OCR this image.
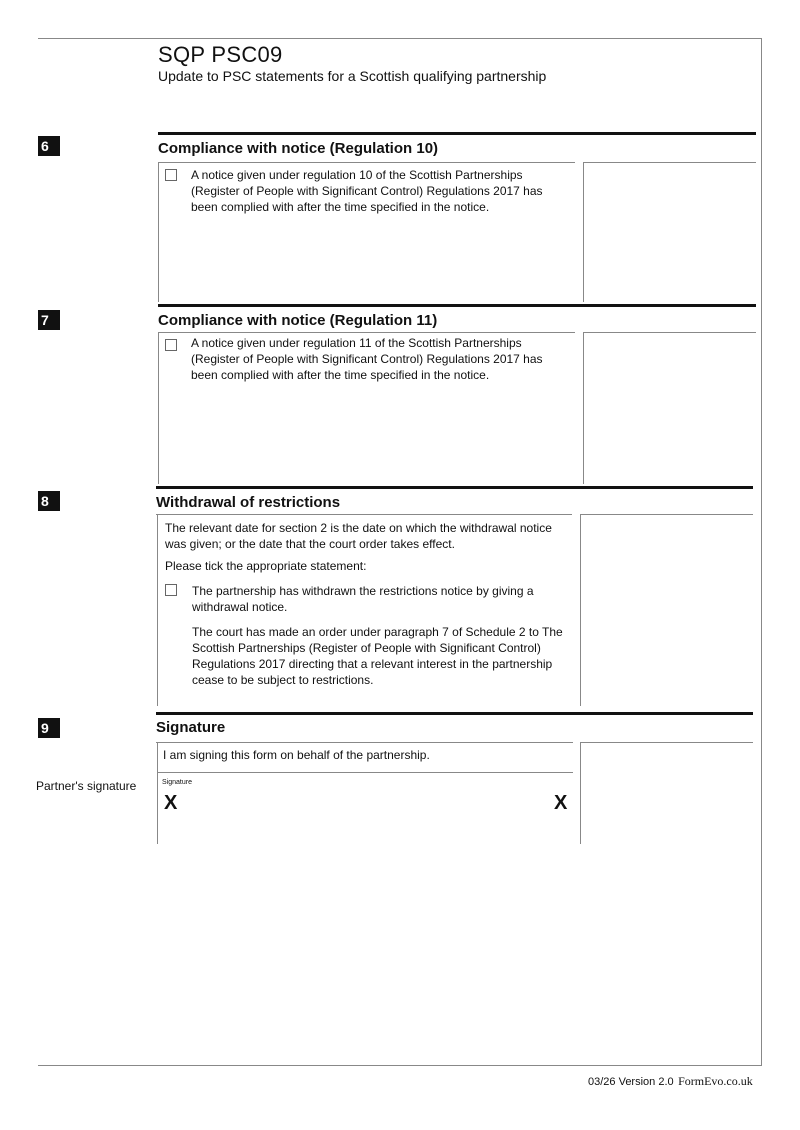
SQP PSC09
Update to PSC statements for a Scottish qualifying partnership
6	Compliance with notice (Regulation 10)
A notice given under regulation 10 of the Scottish Partnerships (Register of People with Significant Control) Regulations 2017 has been complied with after the time specified in the notice.
7	Compliance with notice (Regulation 11)
A notice given under regulation 11 of the Scottish Partnerships (Register of People with Significant Control) Regulations 2017 has been complied with after the time specified in the notice.
8	Withdrawal of restrictions
The relevant date for section 2 is the date on which the withdrawal notice was given; or the date that the court order takes effect.
Please tick the appropriate statement:
The partnership has withdrawn the restrictions notice by giving a withdrawal notice.
The court has made an order under paragraph 7 of Schedule 2 to The Scottish Partnerships (Register of People with Significant Control) Regulations 2017 directing that a relevant interest in the partnership cease to be subject to restrictions.
9	Signature
I am signing this form on behalf of the partnership.
Partner's signature	Signature
X	X
03/26 Version 2.0 FormEvo.co.uk
